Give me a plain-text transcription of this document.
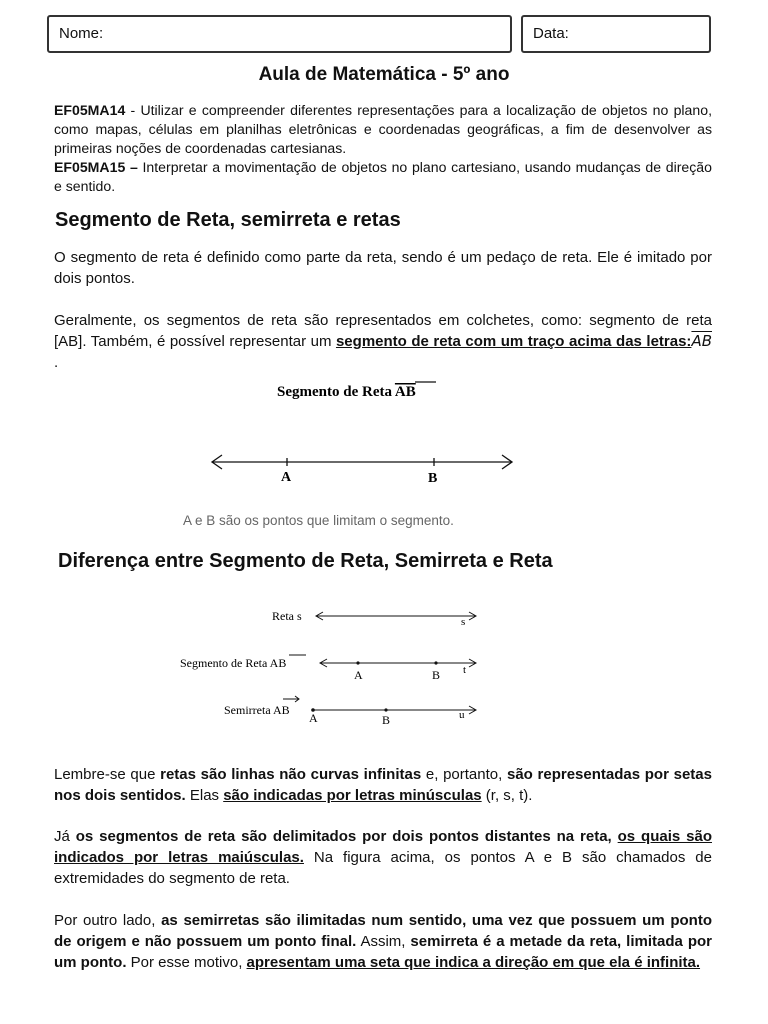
Nome:	Data:
Aula de Matemática - 5º ano
EF05MA14 - Utilizar e compreender diferentes representações para a localização de objetos no plano, como mapas, células em planilhas eletrônicas e coordenadas geográficas, a fim de desenvolver as primeiras noções de coordenadas cartesianas.
EF05MA15 – Interpretar a movimentação de objetos no plano cartesiano, usando mudanças de direção e sentido.
Segmento de Reta, semirreta e retas
O segmento de reta é definido como parte da reta, sendo é um pedaço de reta. Ele é imitado por dois pontos.
Geralmente, os segmentos de reta são representados em colchetes, como: segmento de reta [AB]. Também, é possível representar um segmento de reta com um traço acima das $letras:\overline{AB}$ .
Segmento de Reta AB
A	B
A e B são os pontos que limitam o segmento.
Diferença entre Segmento de Reta, Semirreta e Reta
Reta s	s
Segmento de Reta AB
A	B t
Semirreta AB
A	B	u
Lembre-se que retas são linhas não curvas infinitas e, portanto, são representadas por setas nos dois sentidos. Elas são indicadas por letras minúsculas (r, s, t).
Já os segmentos de reta são delimitados por dois pontos distantes na reta, os quais são indicados por letras maiúsculas. Na figura acima, os pontos A e B são chamados de extremidades do segmento de reta.
Por outro lado, as semirretas são ilimitadas num sentido, uma vez que possuem um ponto de origem e não possuem um ponto final. Assim, semirreta é a metade da reta, limitada por um ponto. Por esse motivo, apresentam uma seta que indica a direção em que ela é infinita.
